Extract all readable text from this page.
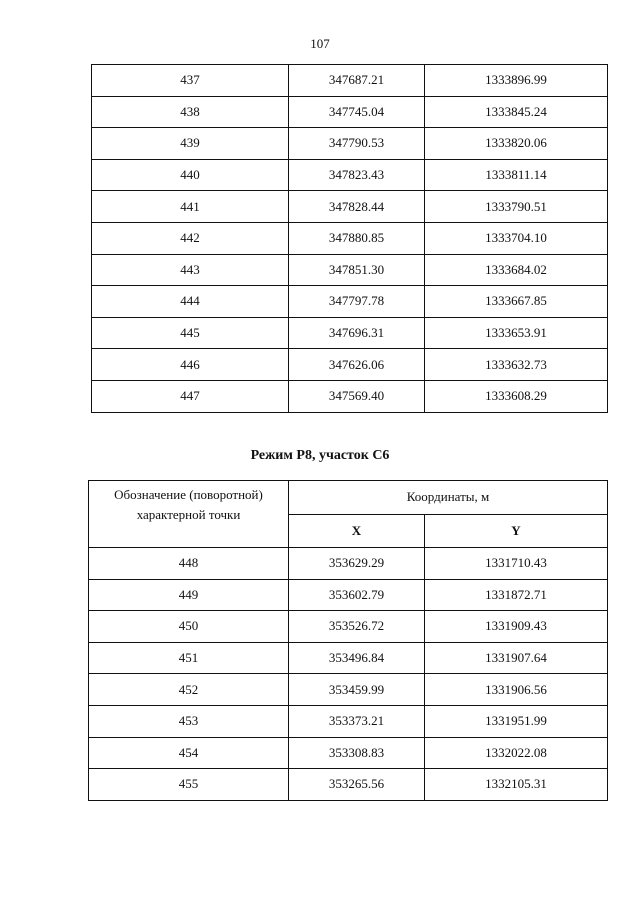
107
437	347687.21	1333896.99
438	347745.04	1333845.24
439	347790.53	1333820.06
440	347823.43	1333811.14
441	347828.44	1333790.51
442	347880.85	1333704.10
443	347851.30	1333684.02
444	347797.78	1333667.85
445	347696.31	1333653.91
446	347626.06	1333632.73
447	347569.40	1333608.29
Режим Р8, участок С6
Обозначение (поворотной) характерной точки	Координаты, м	
	X	Y
448	353629.29	1331710.43
449	353602.79	1331872.71
450	353526.72	1331909.43
451	353496.84	1331907.64
452	353459.99	1331906.56
453	353373.21	1331951.99
454	353308.83	1332022.08
455	353265.56	1332105.31
